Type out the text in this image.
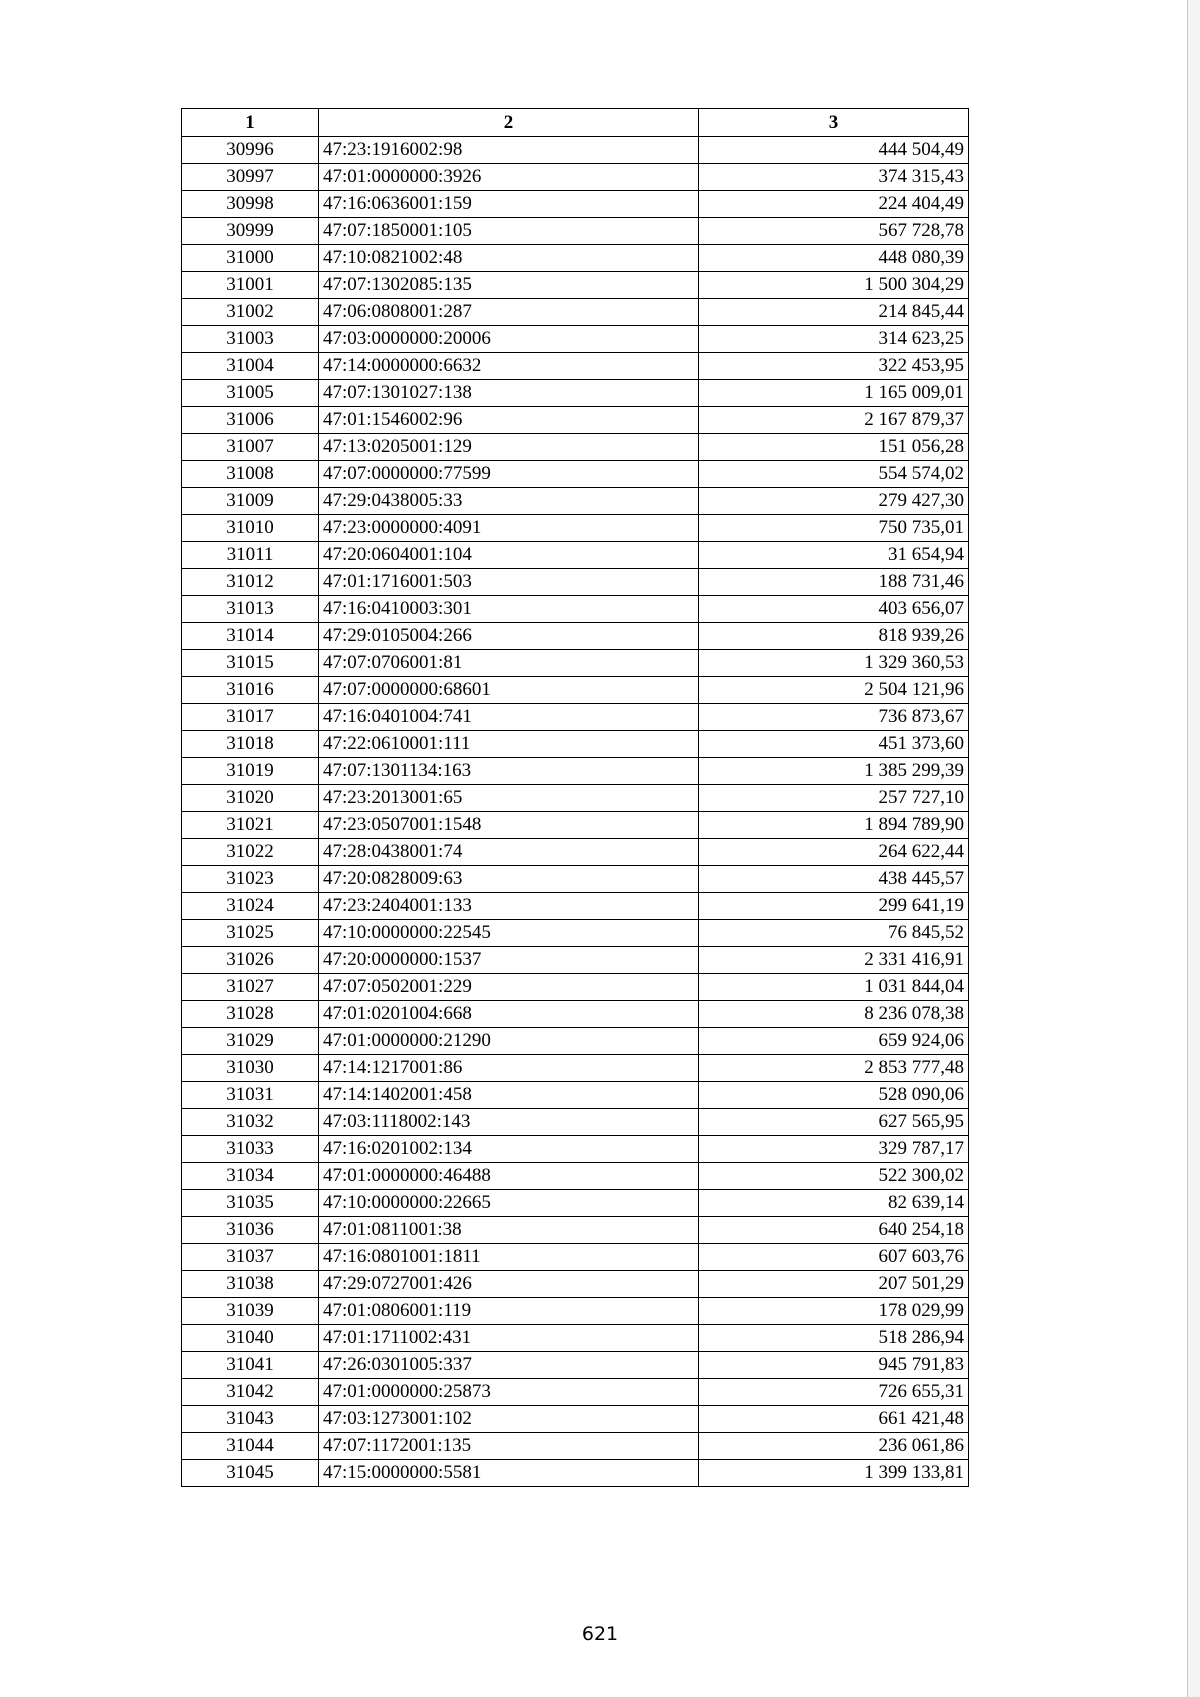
1	2	3
30996	47:23:1916002:98	444 504,49
30997	47:01:0000000:3926	374 315,43
30998	47:16:0636001:159	224 404,49
30999	47:07:1850001:105	567 728,78
31000	47:10:0821002:48	448 080,39
31001	47:07:1302085:135	1 500 304,29
31002	47:06:0808001:287	214 845,44
31003	47:03:0000000:20006	314 623,25
31004	47:14:0000000:6632	322 453,95
31005	47:07:1301027:138	1 165 009,01
31006	47:01:1546002:96	2 167 879,37
31007	47:13:0205001:129	151 056,28
31008	47:07:0000000:77599	554 574,02
31009	47:29:0438005:33	279 427,30
31010	47:23:0000000:4091	750 735,01
31011	47:20:0604001:104	31 654,94
31012	47:01:1716001:503	188 731,46
31013	47:16:0410003:301	403 656,07
31014	47:29:0105004:266	818 939,26
31015	47:07:0706001:81	1 329 360,53
31016	47:07:0000000:68601	2 504 121,96
31017	47:16:0401004:741	736 873,67
31018	47:22:0610001:111	451 373,60
31019	47:07:1301134:163	1 385 299,39
31020	47:23:2013001:65	257 727,10
31021	47:23:0507001:1548	1 894 789,90
31022	47:28:0438001:74	264 622,44
31023	47:20:0828009:63	438 445,57
31024	47:23:2404001:133	299 641,19
31025	47:10:0000000:22545	76 845,52
31026	47:20:0000000:1537	2 331 416,91
31027	47:07:0502001:229	1 031 844,04
31028	47:01:0201004:668	8 236 078,38
31029	47:01:0000000:21290	659 924,06
31030	47:14:1217001:86	2 853 777,48
31031	47:14:1402001:458	528 090,06
31032	47:03:1118002:143	627 565,95
31033	47:16:0201002:134	329 787,17
31034	47:01:0000000:46488	522 300,02
31035	47:10:0000000:22665	82 639,14
31036	47:01:0811001:38	640 254,18
31037	47:16:0801001:1811	607 603,76
31038	47:29:0727001:426	207 501,29
31039	47:01:0806001:119	178 029,99
31040	47:01:1711002:431	518 286,94
31041	47:26:0301005:337	945 791,83
31042	47:01:0000000:25873	726 655,31
31043	47:03:1273001:102	661 421,48
31044	47:07:1172001:135	236 061,86
31045	47:15:0000000:5581	1 399 133,81
621
